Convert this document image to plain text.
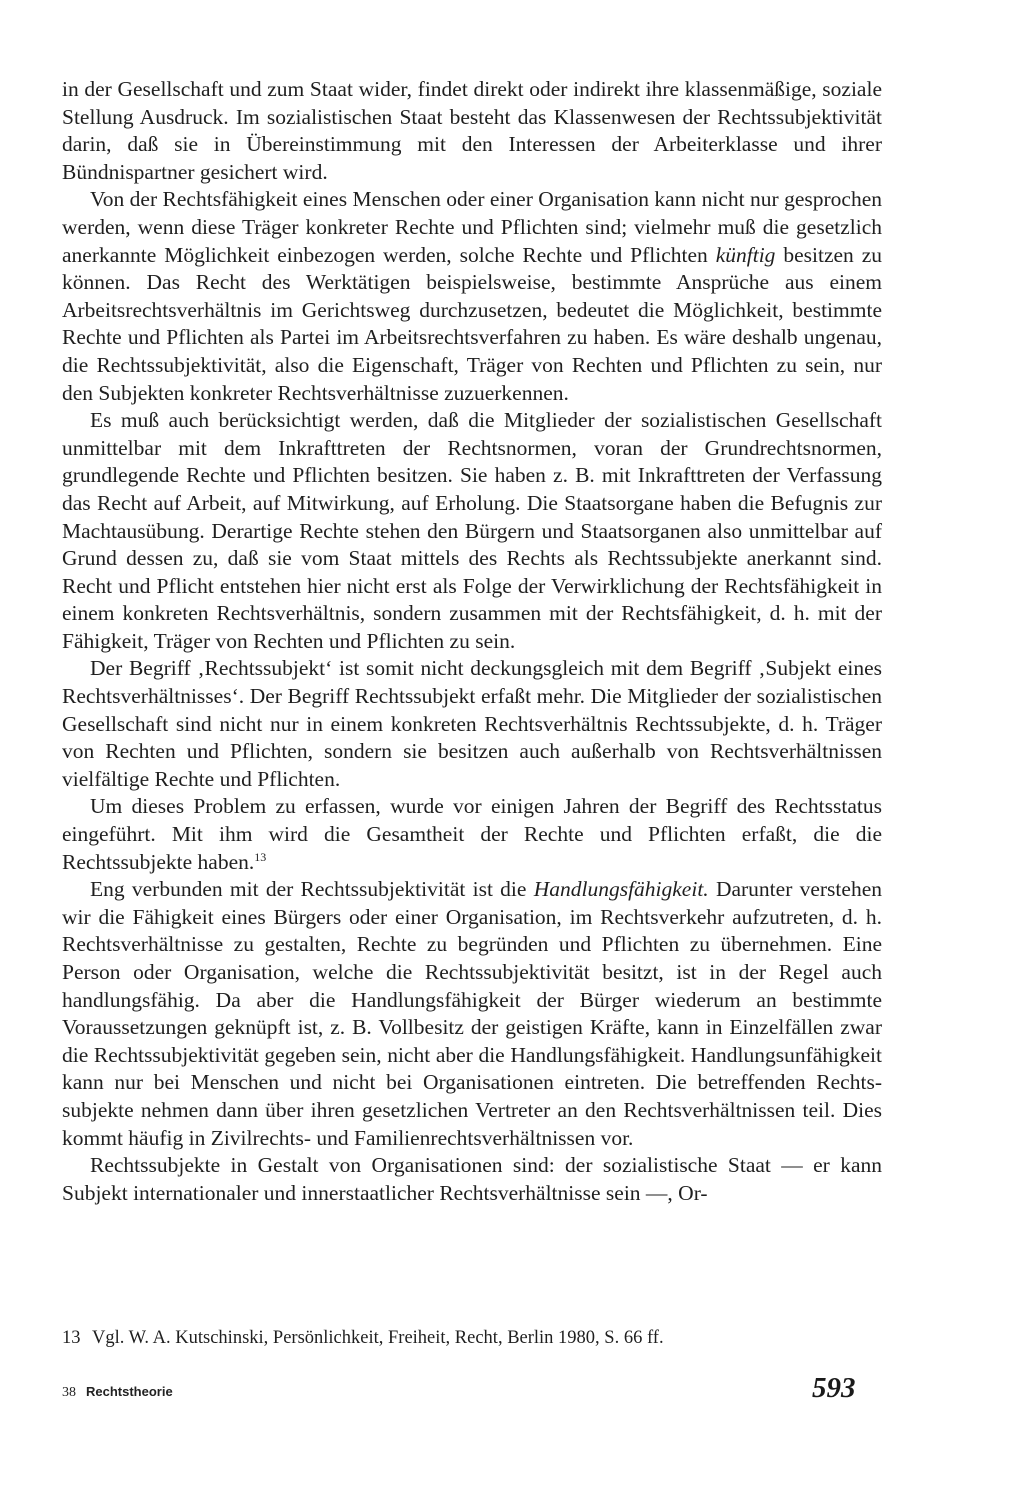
in der Gesellschaft und zum Staat wider, findet direkt oder indirekt ihre klassenmäßige, soziale Stellung Ausdruck. Im sozialistischen Staat besteht das Klassenwesen der Rechtssubjektivität darin, daß sie in Übereinstimmung mit den Interessen der Arbeiterklasse und ihrer Bündnispartner gesichert wird.

Von der Rechtsfähigkeit eines Menschen oder einer Organisation kann nicht nur gesprochen werden, wenn diese Träger konkreter Rechte und Pflichten sind; vielmehr muß die gesetzlich anerkannte Möglichkeit einbezogen werden, solche Rechte und Pflichten künftig besitzen zu können. Das Recht des Werktätigen beispielsweise, bestimmte Ansprüche aus einem Arbeitsrechtsverhältnis im Gerichtsweg durchzusetzen, bedeutet die Möglichkeit, bestimmte Rechte und Pflichten als Partei im Arbeitsrechtsverfahren zu haben. Es wäre deshalb ungenau, die Rechtssubjektivität, also die Eigenschaft, Träger von Rechten und Pflichten zu sein, nur den Subjekten konkreter Rechtsverhältnisse zuzuerkennen.

Es muß auch berücksichtigt werden, daß die Mitglieder der sozialistischen Gesellschaft unmittelbar mit dem Inkrafttreten der Rechtsnormen, voran der Grundrechtsnormen, grundlegende Rechte und Pflichten besitzen. Sie haben z. B. mit Inkrafttreten der Verfassung das Recht auf Arbeit, auf Mitwirkung, auf Erholung. Die Staatsorgane haben die Befugnis zur Machtausübung. Derartige Rechte stehen den Bürgern und Staatsorganen also unmittelbar auf Grund dessen zu, daß sie vom Staat mittels des Rechts als Rechtssubjekte anerkannt sind. Recht und Pflicht entstehen hier nicht erst als Folge der Verwirklichung der Rechtsfähigkeit in einem konkreten Rechtsverhältnis, sondern zusammen mit der Rechtsfähigkeit, d. h. mit der Fähigkeit, Träger von Rechten und Pflichten zu sein.

Der Begriff ‚Rechtssubjekt‘ ist somit nicht deckungsgleich mit dem Begriff ‚Subjekt eines Rechtsverhältnisses‘. Der Begriff Rechtssubjekt erfaßt mehr. Die Mitglieder der sozialistischen Gesellschaft sind nicht nur in einem konkreten Rechtsverhältnis Rechtssubjekte, d. h. Träger von Rechten und Pflichten, sondern sie besitzen auch außerhalb von Rechtsverhältnissen vielfältige Rechte und Pflichten.

Um dieses Problem zu erfassen, wurde vor einigen Jahren der Begriff des Rechtsstatus eingeführt. Mit ihm wird die Gesamtheit der Rechte und Pflichten erfaßt, die die Rechtssubjekte haben.$^{13}$

Eng verbunden mit der Rechtssubjektivität ist die Handlungsfähigkeit. Darunter verstehen wir die Fähigkeit eines Bürgers oder einer Organisation, im Rechtsverkehr aufzutreten, d. h. Rechtsverhältnisse zu gestalten, Rechte zu begründen und Pflichten zu übernehmen. Eine Person oder Organisation, welche die Rechtssubjektivität besitzt, ist in der Regel auch handlungsfähig. Da aber die Handlungsfähigkeit der Bürger wiederum an bestimmte Voraussetzungen geknüpft ist, z. B. Vollbesitz der geistigen Kräfte, kann in Einzelfällen zwar die Rechtssubjektivität gegeben sein, nicht aber die Handlungsfähigkeit. Handlungsunfähigkeit kann nur bei Menschen und nicht bei Organisationen eintreten. Die betreffenden Rechtssubjekte nehmen dann über ihren gesetzlichen Vertreter an den Rechtsverhältnissen teil. Dies kommt häufig in Zivilrechts- und Familienrechtsverhältnissen vor.

Rechtssubjekte in Gestalt von Organisationen sind: der sozialistische Staat — er kann Subjekt internationaler und innerstaatlicher Rechtsverhältnisse sein —, Or-

13 Vgl. W. A. Kutschinski, Persönlichkeit, Freiheit, Recht, Berlin 1980, S. 66 ff.

38 Rechtstheorie	593
